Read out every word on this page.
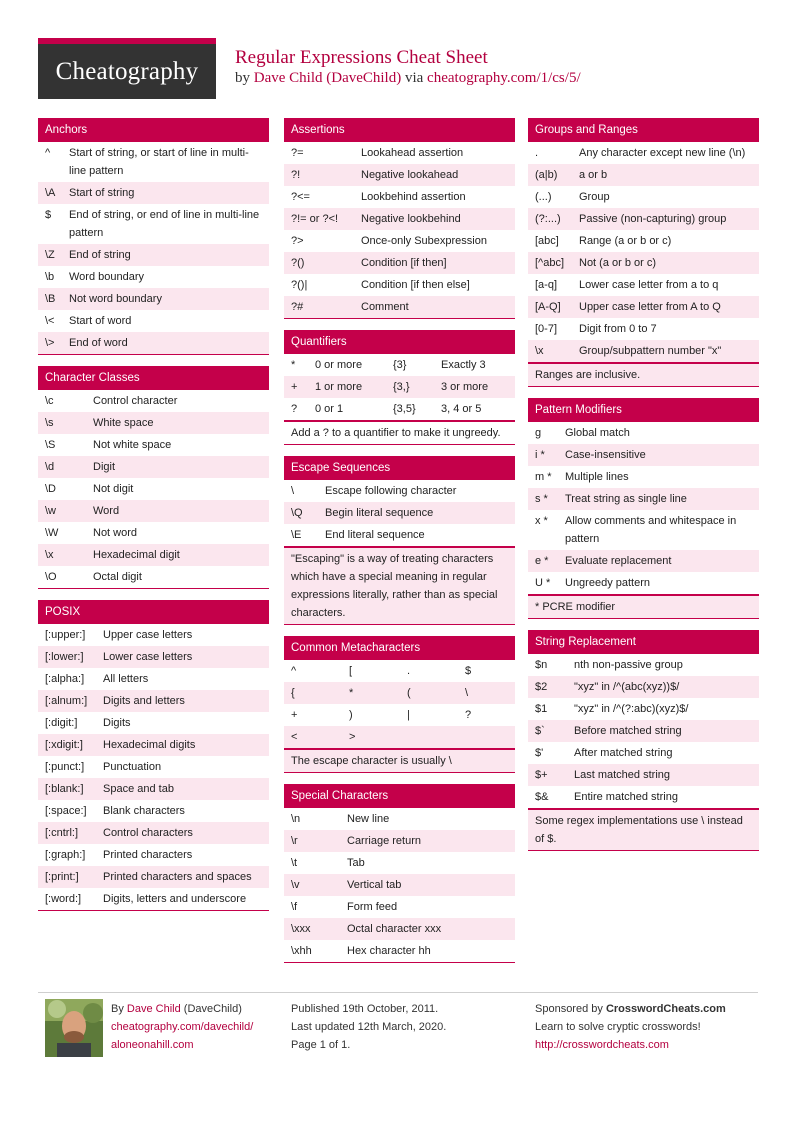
Cheatography Regular Expressions Cheat Sheet
by Dave Child (DaveChild) via cheatography.com/1/cs/5/
Anchors
^	Start of string, or start of line in multi-line pattern
\A	Start of string
$	End of string, or end of line in multi-line pattern
\Z	End of string
\b	Word boundary
\B	Not word boundary
\<	Start of word
\>	End of word
Character Classes
\c	Control character
\s	White space
\S	Not white space
\d	Digit
\D	Not digit
\w	Word
\W	Not word
\x	Hexadecimal digit
\O	Octal digit
POSIX
[:upper:]	Upper case letters
[:lower:]	Lower case letters
[:alpha:]	All letters
[:alnum:]	Digits and letters
[:digit:]	Digits
[:xdigit:]	Hexadecimal digits
[:punct:]	Punctuation
[:blank:]	Space and tab
[:space:]	Blank characters
[:cntrl:]	Control characters
[:graph:]	Printed characters
[:print:]	Printed characters and spaces
[:word:]	Digits, letters and underscore
Assertions
?=	Lookahead assertion
?!	Negative lookahead
?<=	Lookbehind assertion
?!= or ?<!	Negative lookbehind
?>	Once-only Subexpression
?()	Condition [if then]
?()|	Condition [if then else]
?#	Comment
Quantifiers
*	0 or more	{3}	Exactly 3
+	1 or more	{3,}	3 or more
?	0 or 1	{3,5}	3, 4 or 5
Add a ? to a quantifier to make it ungreedy.
Escape Sequences
\	Escape following character
\Q	Begin literal sequence
\E	End literal sequence
"Escaping" is a way of treating characters which have a special meaning in regular expressions literally, rather than as special characters.
Common Metacharacters
^	[	.	$
{	*	(	\
+	)	|	?
<	>
The escape character is usually \
Special Characters
\n	New line
\r	Carriage return
\t	Tab
\v	Vertical tab
\f	Form feed
\xxx	Octal character xxx
\xhh	Hex character hh
Groups and Ranges
.	Any character except new line (\n)
(a|b)	a or b
(...)	Group
(?:...)	Passive (non-capturing) group
[abc]	Range (a or b or c)
[^abc]	Not (a or b or c)
[a-q]	Lower case letter from a to q
[A-Q]	Upper case letter from A to Q
[0-7]	Digit from 0 to 7
\x	Group/subpattern number "x"
Ranges are inclusive.
Pattern Modifiers
g	Global match
i *	Case-insensitive
m *	Multiple lines
s *	Treat string as single line
x *	Allow comments and whitespace in pattern
e *	Evaluate replacement
U *	Ungreedy pattern
* PCRE modifier
String Replacement
$n	nth non-passive group
$2	"xyz" in /^(abc(xyz))$/
$1	"xyz" in /^(?:abc)(xyz)$/
$`	Before matched string
$'	After matched string
$+	Last matched string
$&	Entire matched string
Some regex implementations use \ instead of $.
By Dave Child (DaveChild)
cheatography.com/davechild/
aloneonahill.com
Published 19th October, 2011.
Last updated 12th March, 2020.
Page 1 of 1.
Sponsored by CrosswordCheats.com
Learn to solve cryptic crosswords!
http://crosswordcheats.com
